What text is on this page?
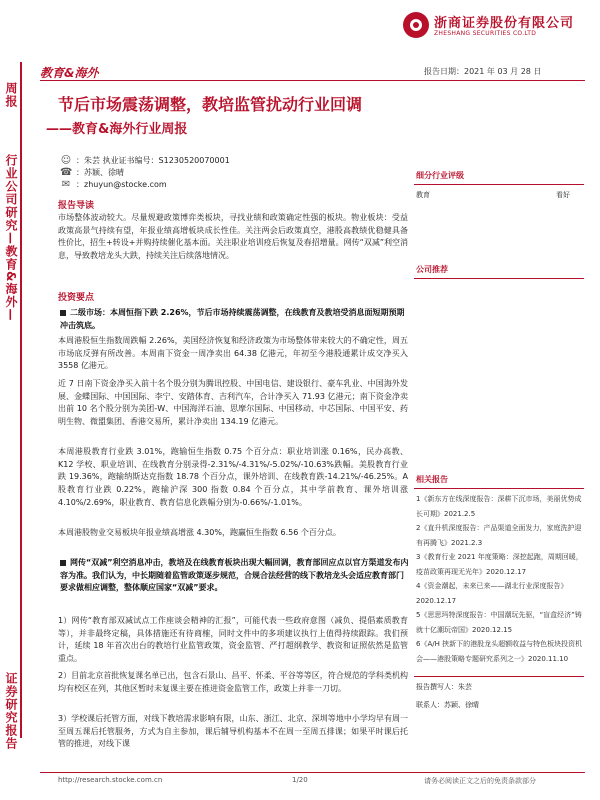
浙商证券股份有限公司
ZHESHANG SECURITIES CO.LTD
教育&海外	报告日期：2021 年 03 月 28 日
周报
行业公司研究—教育&海外—
证券研究报告
节后市场震荡调整，教培监管扰动行业回调
——教育&海外行业周报
☺ ：朱芸 执业证书编号：S1230520070001
☎ ：苏颖、徐晴
✉ ：zhuyun@stocke.com
报告导读
市场整体波动较大。尽量规避政策博弈类板块，寻找业绩和政策确定性强的板块。物业板块：受益政策高景气持续有望，年报业绩高增板块成长性佳。关注两会后政策真空，港股高教绩优稳健具备性价比，招生+转设+并购持续催化基本面。关注职业培训疫后恢复及春招增量。网传“双减”利空消息，导致教培龙头大跌，持续关注后续落地情况。
投资要点
二级市场：本周恒指下跌 2.26%，节后市场持续震荡调整，在线教育及教培受消息面短期预期冲击筑底。
本周港股恒生指数周跌幅 2.26%，美国经济恢复和经济政策为市场整体带来较大的不确定性，周五市场底反弹有所改善。本周南下资金一周净卖出 64.38 亿港元，年初至今港股通累计成交净买入 3558 亿港元。
近 7 日南下资金净买入前十名个股分别为腾讯控股、中国电信、建设银行、豪车乳业、中国海外发展、金蝶国际、中国国际、李宁、安踏体育、吉利汽车，合计净买入 71.93 亿港元；南下资金净卖出前 10 名个股分别为美团-W、中国海洋石油、思摩尔国际、中国移动、中芯国际、中国平安、药明生物、微盟集团、香港交易所，累计净卖出 134.19 亿港元。
本周港股教育行业跌 3.01%，跑输恒生指数 0.75 个百分点：职业培训涨 0.16%，民办高教、K12 学校、职业培训、在线教育分别录得-2.31%/-4.31%/-5.02%/-10.63%跌幅。美股教育行业跌 19.36%，跑输纳斯达克指数 18.78 个百分点，课外培训、在线教育跌-14.21%/-46.25%。A 股教育行业跌 0.22%，跑输沪深 300 指数 0.84 个百分点，其中学前教育、课外培训涨 4.10%/2.69%，职业教育、教育信息化跌幅分别为-0.66%/-1.01%。
本周港股物业交易板块年报业绩高增涨 4.30%，跑赢恒生指数 6.56 个百分点。
网传“双减”利空消息冲击，教培及在线教育板块出现大幅回调，教育部回应点以官方渠道发布内容为准。我们认为，中长期随着监管政策逐步规范，合规合法经营的线下教培龙头会适应教育部门要求做相应调整，整体顺应国家“双减”要求。
1）网传“教育部双减试点工作座谈会精神的汇报”，可能代表一些政府意图（减负、提倡素质教育等），并非最终定稿，具体措施还有待商榷，同时文件中的多项建议执行上值得持续跟踪。我们预计，延续 18 年首次出台的教培行业监管政策，资金监管、严打超纲教学、教资和证照依然是监管重点。
2）目前北京首批恢复课名单已出，包含石景山、昌平、怀柔、平谷等等区，符合规范的学科类机构均有校区在列，其他区暂时未复课主要在推进资金监管工作，政策上并非一刀切。
3）学校课后托管方面，对线下教培需求影响有限，山东、浙江、北京、深圳等地中小学均早有周一至周五课后托管服务，方式为自主参加，课后辅导机构基本不在周一至周五排课；如果平时课后托管的推进，对线下课
细分行业评级
教育	看好
公司推荐
相关报告
1《新东方在线深度报告：深耕下沉市场，美丽优势成长可期》2021.2.5
2《直升机深度报告：产品渠道全面发力，家庭洗护迎有再腾飞》2021.2.3
3《教育行业 2021 年度策略：深挖起跑，周期回暖，疫苗政策再现无光年》2020.12.17
4《资金潮起，未来已来——湖北行业深度报告》2020.12.17
5《思思玛特深度报告：中国潮玩先驱，“盲盒经济”铸就十亿潮玩帝国》2020.12.15
6《A/H 挟新下的港股龙头超额收益与特色板块投资机会——港股策略专题研究系列之一》2020.11.10
报告撰写人：朱芸
联系人：苏颖、徐晴
http://research.stocke.com.cn	1/20	请务必阅读正文之后的免责条款部分
